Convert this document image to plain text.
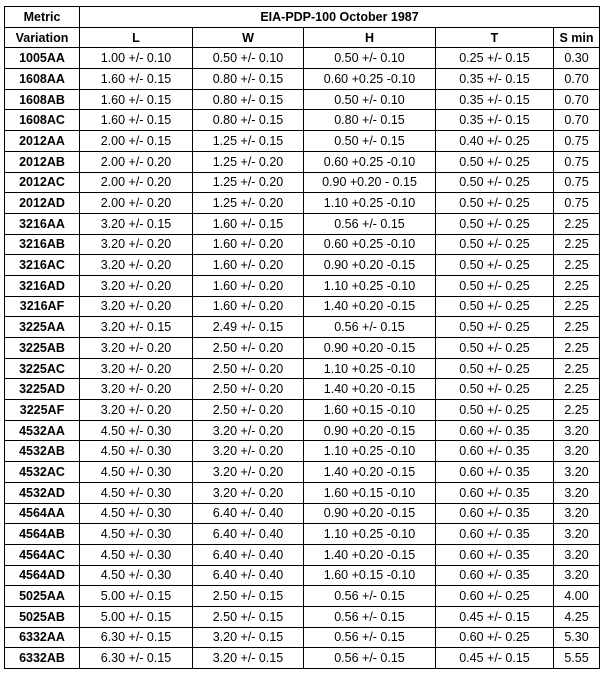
Metric	EIA-PDP-100 October 1987				
Variation	L	W	H	T	S min
1005AA	1.00 +/- 0.10	0.50 +/- 0.10	0.50 +/- 0.10	0.25 +/- 0.15	0.30
1608AA	1.60 +/- 0.15	0.80 +/- 0.15	0.60 +0.25 -0.10	0.35 +/- 0.15	0.70
1608AB	1.60 +/- 0.15	0.80 +/- 0.15	0.50 +/- 0.10	0.35 +/- 0.15	0.70
1608AC	1.60 +/- 0.15	0.80 +/- 0.15	0.80 +/- 0.15	0.35 +/- 0.15	0.70
2012AA	2.00 +/- 0.15	1.25 +/- 0.15	0.50 +/- 0.15	0.40 +/- 0.25	0.75
2012AB	2.00 +/- 0.20	1.25 +/- 0.20	0.60 +0.25 -0.10	0.50 +/- 0.25	0.75
2012AC	2.00 +/- 0.20	1.25 +/- 0.20	0.90 +0.20 - 0.15	0.50 +/- 0.25	0.75
2012AD	2.00 +/- 0.20	1.25 +/- 0.20	1.10 +0.25 -0.10	0.50 +/- 0.25	0.75
3216AA	3.20 +/- 0.15	1.60 +/- 0.15	0.56 +/- 0.15	0.50 +/- 0.25	2.25
3216AB	3.20 +/- 0.20	1.60 +/- 0.20	0.60 +0.25 -0.10	0.50 +/- 0.25	2.25
3216AC	3.20 +/- 0.20	1.60 +/- 0.20	0.90 +0.20 -0.15	0.50 +/- 0.25	2.25
3216AD	3.20 +/- 0.20	1.60 +/- 0.20	1.10 +0.25 -0.10	0.50 +/- 0.25	2.25
3216AF	3.20 +/- 0.20	1.60 +/- 0.20	1.40 +0.20 -0.15	0.50 +/- 0.25	2.25
3225AA	3.20 +/- 0.15	2.49 +/- 0.15	0.56 +/- 0.15	0.50 +/- 0.25	2.25
3225AB	3.20 +/- 0.20	2.50 +/- 0.20	0.90 +0.20 -0.15	0.50 +/- 0.25	2.25
3225AC	3.20 +/- 0.20	2.50 +/- 0.20	1.10 +0.25 -0.10	0.50 +/- 0.25	2.25
3225AD	3.20 +/- 0.20	2.50 +/- 0.20	1.40 +0.20 -0.15	0.50 +/- 0.25	2.25
3225AF	3.20 +/- 0.20	2.50 +/- 0.20	1.60 +0.15 -0.10	0.50 +/- 0.25	2.25
4532AA	4.50 +/- 0.30	3.20 +/- 0.20	0.90 +0.20 -0.15	0.60 +/- 0.35	3.20
4532AB	4.50 +/- 0.30	3.20 +/- 0.20	1.10 +0.25 -0.10	0.60 +/- 0.35	3.20
4532AC	4.50 +/- 0.30	3.20 +/- 0.20	1.40 +0.20 -0.15	0.60 +/- 0.35	3.20
4532AD	4.50 +/- 0.30	3.20 +/- 0.20	1.60 +0.15 -0.10	0.60 +/- 0.35	3.20
4564AA	4.50 +/- 0.30	6.40 +/- 0.40	0.90 +0.20 -0.15	0.60 +/- 0.35	3.20
4564AB	4.50 +/- 0.30	6.40 +/- 0.40	1.10 +0.25 -0.10	0.60 +/- 0.35	3.20
4564AC	4.50 +/- 0.30	6.40 +/- 0.40	1.40 +0.20 -0.15	0.60 +/- 0.35	3.20
4564AD	4.50 +/- 0.30	6.40 +/- 0.40	1.60 +0.15 -0.10	0.60 +/- 0.35	3.20
5025AA	5.00 +/- 0.15	2.50 +/- 0.15	0.56 +/- 0.15	0.60 +/- 0.25	4.00
5025AB	5.00 +/- 0.15	2.50 +/- 0.15	0.56 +/- 0.15	0.45 +/- 0.15	4.25
6332AA	6.30 +/- 0.15	3.20 +/- 0.15	0.56 +/- 0.15	0.60 +/- 0.25	5.30
6332AB	6.30 +/- 0.15	3.20 +/- 0.15	0.56 +/- 0.15	0.45 +/- 0.15	5.55
